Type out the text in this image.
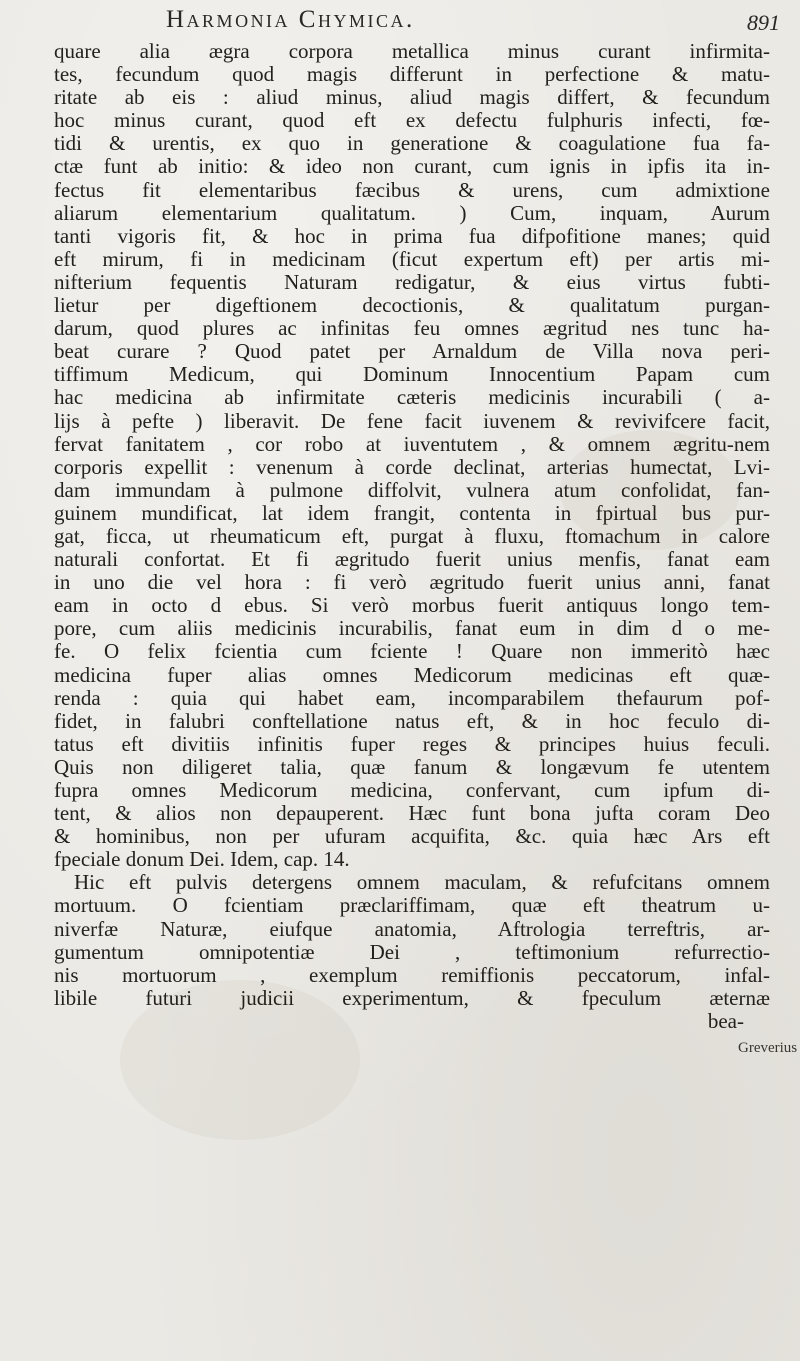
Harmonia Chymica.	891
quare alia ægra corpora metallica minus curant infirmita-
tes, fecundum quod magis differunt in perfectione & matu-
ritate ab eis : aliud minus, aliud magis differt, & fecundum
hoc minus curant, quod eft ex defectu fulphuris infecti, fœ-
tidi & urentis, ex quo in generatione & coagulatione fua fa-
ctæ funt ab initio: & ideo non curant, cum ignis in ipfis ita in-
fectus fit elementaribus fæcibus & urens, cum admixtione
aliarum elementarium qualitatum. ) Cum, inquam, Aurum
tanti vigoris fit, & hoc in prima fua difpofitione manes; quid
eft mirum, fi in medicinam (ficut expertum eft) per artis mi-
nifterium fequentis Naturam redigatur, & eius virtus fubti-
lietur per digeftionem decoctionis, & qualitatum purgan-
darum, quod plures ac infinitas feu omnes ægritud nes tunc ha-
beat curare ? Quod patet per Arnaldum de Villa nova peri-
tiffimum Medicum, qui Dominum Innocentium Papam cum
hac medicina ab infirmitate cæteris medicinis incurabili ( a-
lijs à pefte ) liberavit. De fene facit iuvenem & revivifcere facit,
fervat fanitatem , cor robo at iuventutem , & omnem ægritu-nem
corporis expellit : venenum à corde declinat, arterias humectat, Lvi-
dam immundam à pulmone diffolvit, vulnera atum confolidat, fan-
guinem mundificat, lat idem frangit, contenta in fpirtual bus pur-
gat, ficca, ut rheumaticum eft, purgat à fluxu, ftomachum in calore
naturali confortat. Et fi ægritudo fuerit unius menfis, fanat eam
in uno die vel hora : fi verò ægritudo fuerit unius anni, fanat
eam in octo d ebus. Si verò morbus fuerit antiquus longo tem-
pore, cum aliis medicinis incurabilis, fanat eum in dim d o me-
fe. O felix fcientia cum fciente ! Quare non immeritò hæc
medicina fuper alias omnes Medicorum medicinas eft quæ-
renda : quia qui habet eam, incomparabilem thefaurum pof-
fidet, in falubri conftellatione natus eft, & in hoc feculo di-
tatus eft divitiis infinitis fuper reges & principes huius feculi.
Quis non diligeret talia, quæ fanum & longævum fe utentem
fupra omnes Medicorum medicina, confervant, cum ipfum di-
tent, & alios non depauperent. Hæc funt bona jufta coram Deo
& hominibus, non per ufuram acquifita, &c. quia hæc Ars eft
fpeciale donum Dei. Idem, cap. 14.
Hic eft pulvis detergens omnem maculam, & refufcitans omnem
mortuum. O fcientiam præclariffimam, quæ eft theatrum u-
niverfæ Naturæ, eiufque anatomia, Aftrologia terreftris, ar-
gumentum omnipotentiæ Dei , teftimonium refurrectio-
nis mortuorum , exemplum remiffionis peccatorum, infal-
libile futuri judicii experimentum, & fpeculum æternæ
bea-
Greverius
